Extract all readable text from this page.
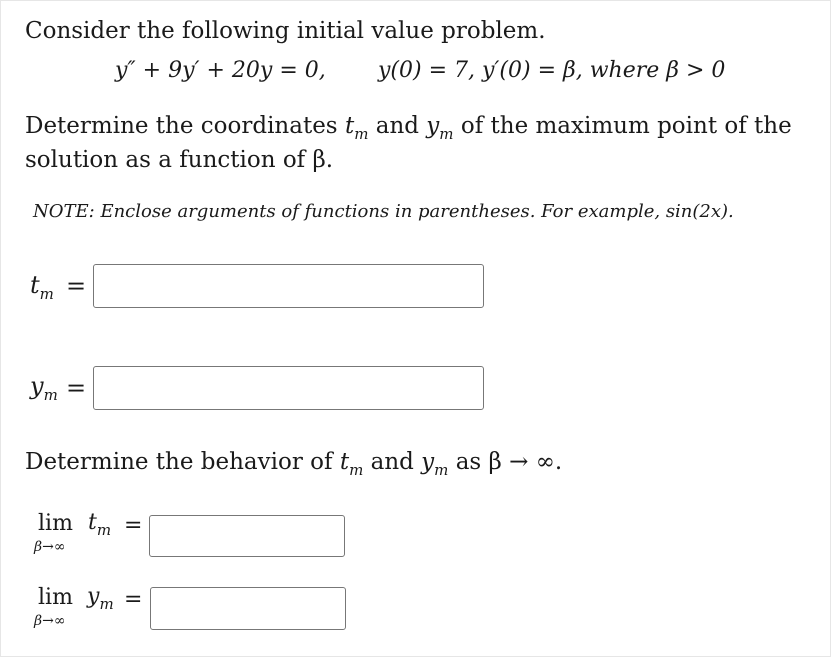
Consider the following initial value problem.
y″ + 9y′ + 20y = 0, y(0) = 7, y′(0) = β, where β > 0
Determine the coordinates $t_m$ and $y_m$ of the maximum point of the
solution as a function of β.
NOTE: Enclose arguments of functions in parentheses. For example, sin(2x).
$t_m$ =
$y_m$ =
Determine the behavior of $t_m$ and $y_m$ as β → ∞.
$\lim t_m$
β→∞
=
$\lim y_m$
β→∞
=
